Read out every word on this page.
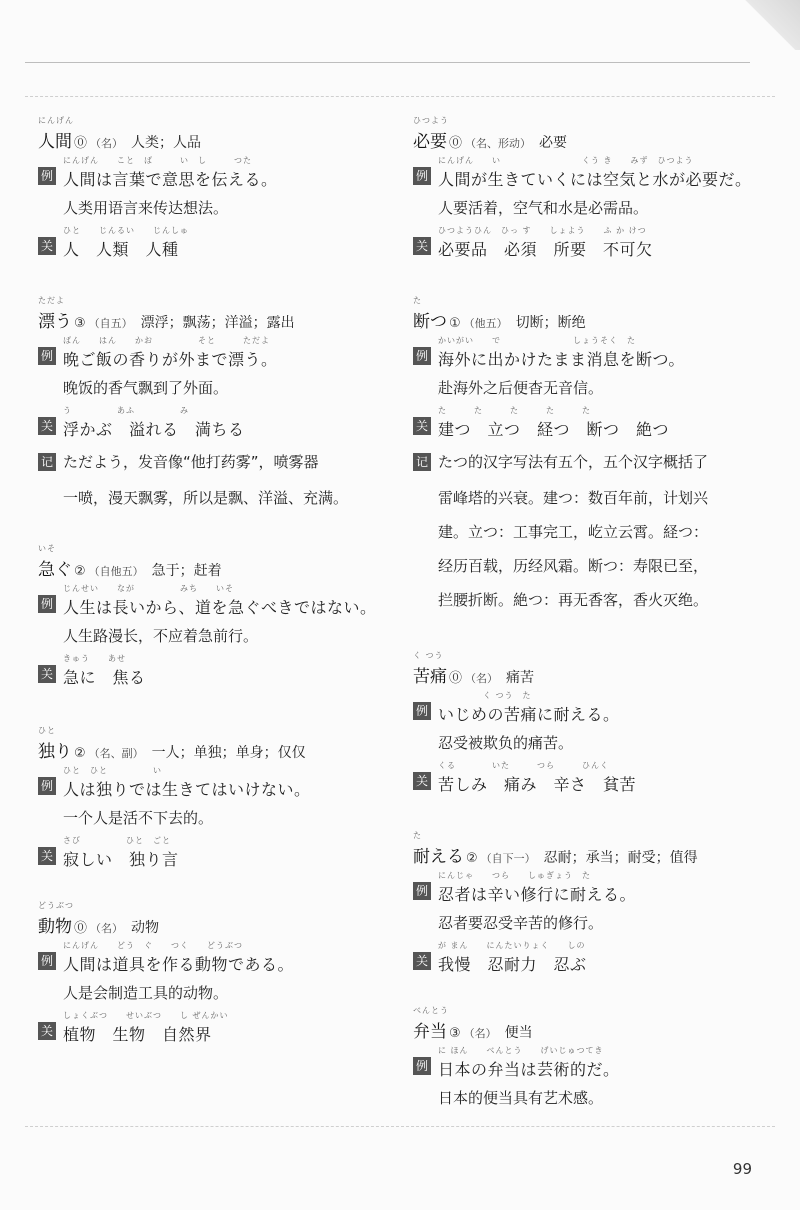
にんげん
人間 ⓪ （名） 人类；人品
例
にんげん　　こと　ば　　　い　し　　　つた
人間は言葉で意思を伝える。
人类用语言来传达想法。
关
ひと　　じんるい　　じんしゅ
人　人類　人種
ただよ
漂う ③ （自五） 漂浮；飘荡；洋溢；露出
例
ばん　　はん　　かお　　　　　そと　　　ただよ
晩ご飯の香りが外まで漂う。
晚饭的香气飘到了外面。
关
う　　　　　あふ　　　　　み
浮かぶ　溢れる　満ちる
记 ただよう，发音像“他打药雾”，喷雾器
一喷，漫天飘雾，所以是飘、洋溢、充满。
いそ
急ぐ ② （自他五） 急于；赶着
例
じんせい　　なが　　　　　みち　　いそ
人生は長いから、道を急ぐべきではない。
人生路漫长，不应着急前行。
关
きゅう　　あせ
急に　焦る
ひと
独り ② （名、副） 一人；单独；单身；仅仅
例
ひと　ひと　　　　　い
人は独りでは生きてはいけない。
一个人是活不下去的。
关
さび　　　　　ひと　ごと
寂しい　独り言
どうぶつ
動物 ⓪ （名） 动物
例
にんげん　　どう　ぐ　　つく　　どうぶつ
人間は道具を作る動物である。
人是会制造工具的动物。
关
しょくぶつ　　せいぶつ　　し ぜんかい
植物　生物　自然界
ひつよう
必要 ⓪ （名、形动） 必要
例
にんげん　　い　　　　　　　　　くう き　　みず　ひつよう
人間が生きていくには空気と水が必要だ。
人要活着，空气和水是必需品。
关
ひつようひん　ひっ す　　しょよう　　ふ か けつ
必要品　必須　所要　不可欠
た
断つ ① （他五） 切断；断绝
例
かいがい　　で　　　　　　　　しょうそく　た
海外に出かけたまま消息を断つ。
赴海外之后便杳无音信。
关
た　　　た　　　た　　　た　　　た
建つ　立つ　経つ　断つ　絶つ
记 たつ的汉字写法有五个，五个汉字概括了
雷峰塔的兴衰。建つ：数百年前，计划兴
建。立つ：工事完工，屹立云霄。経つ：
经历百载，历经风霜。断つ：寿限已至，
拦腰折断。絶つ：再无香客，香火灭绝。
く つう
苦痛 ⓪ （名） 痛苦
例
　　　　　く つう　た
いじめの苦痛に耐える。
忍受被欺负的痛苦。
关
くる　　　　いた　　　つら　　　ひんく
苦しみ　痛み　辛さ　貧苦
た
耐える ② （自下一） 忍耐；承当；耐受；值得
例
にんじゃ　　つら　　しゅぎょう　た
忍者は辛い修行に耐える。
忍者要忍受辛苦的修行。
关
が まん　　にんたいりょく　　しの
我慢　忍耐力　忍ぶ
べんとう
弁当 ③ （名） 便当
例
に ほん　　べんとう　　げいじゅつてき
日本の弁当は芸術的だ。
日本的便当具有艺术感。
99
